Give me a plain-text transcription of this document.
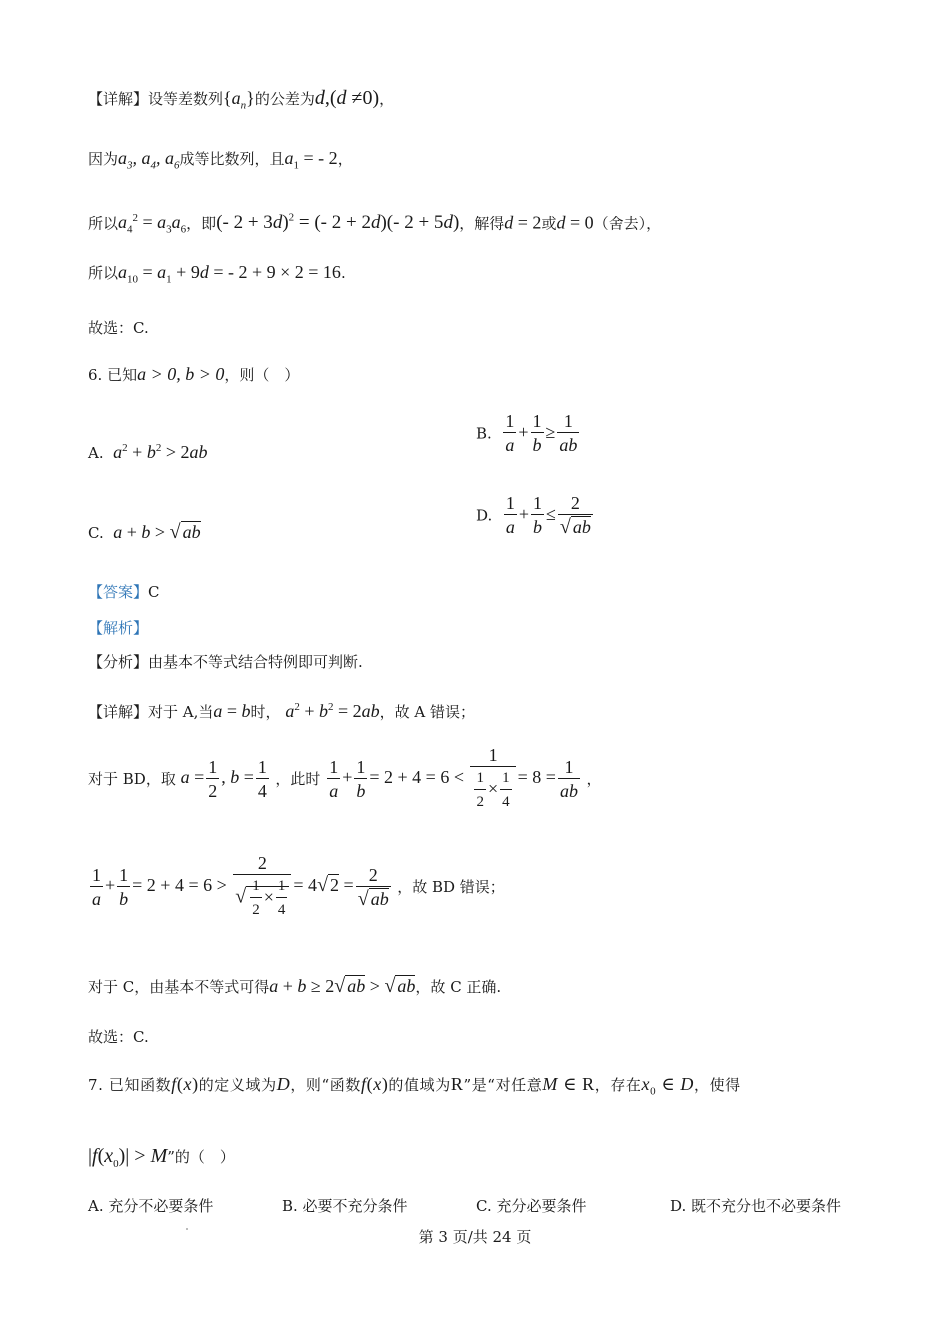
【详解】设等差数列$\{a_n\}$的公差为d,(d ≠0)，
因为$a_3$, $a_4$, $a_6$成等比数列，且$a_1$ = - 2，
所以$a_4^2 = a_3a_6$，即(- 2 + 3d)$^2$ = (- 2 + 2d)(- 2 + 5d)，解得d = 2或d = 0（舍去），
所以$a_{10} = a_1 + 9d$ = - 2 + 9 × 2 = 16.
故选：C.
6. 已知a > 0, b > 0，则（　）
A. $a^2 + b^2 > 2ab$
B. $\frac{1}{a} + \frac{1}{b} \ge \frac{1}{ab}$
C. a + b > √ ab
D. $\frac{1}{a} + \frac{1}{b} \le \frac{2}{√ ab}$
【答案】C
【解析】
【分析】由基本不等式结合特例即可判断.
【详解】对于 A,当a = b时， $a^2 + b^2 = 2ab$，故 A 错误；
对于 BD，取 $a = \frac{1}{2}$ , $b = \frac{1}{4}$ ，此时 $\frac{1}{a} + \frac{1}{b} = 2 + 4 = 6 < \frac{1}{\frac{1}{2} \times \frac{1}{4}} = 8 = \frac{1}{ab}$ ，
$\frac{1}{a} + \frac{1}{b} = 2 + 4 = 6 > \frac{2}{√ \frac{1}{2} \times \frac{1}{4}} = 4√$ $2 = \frac{2}{√ ab}$ ，故 BD 错误；
对于 C，由基本不等式可得a + b ≥ 2√ ab > √ ab，故 C 正确.
故选：C.
7. 已知函数f(x)的定义域为D，则“函数f(x)的值域为R”是“对任意M ∈ R，存在$x_0$ ∈ D，使得
$|f(x_0)| > M$”的（　）
A. 充分不必要条件	B. 必要不充分条件	C. 充分必要条件	D. 既不充分也不必要条件
第 3 页/共 24 页
